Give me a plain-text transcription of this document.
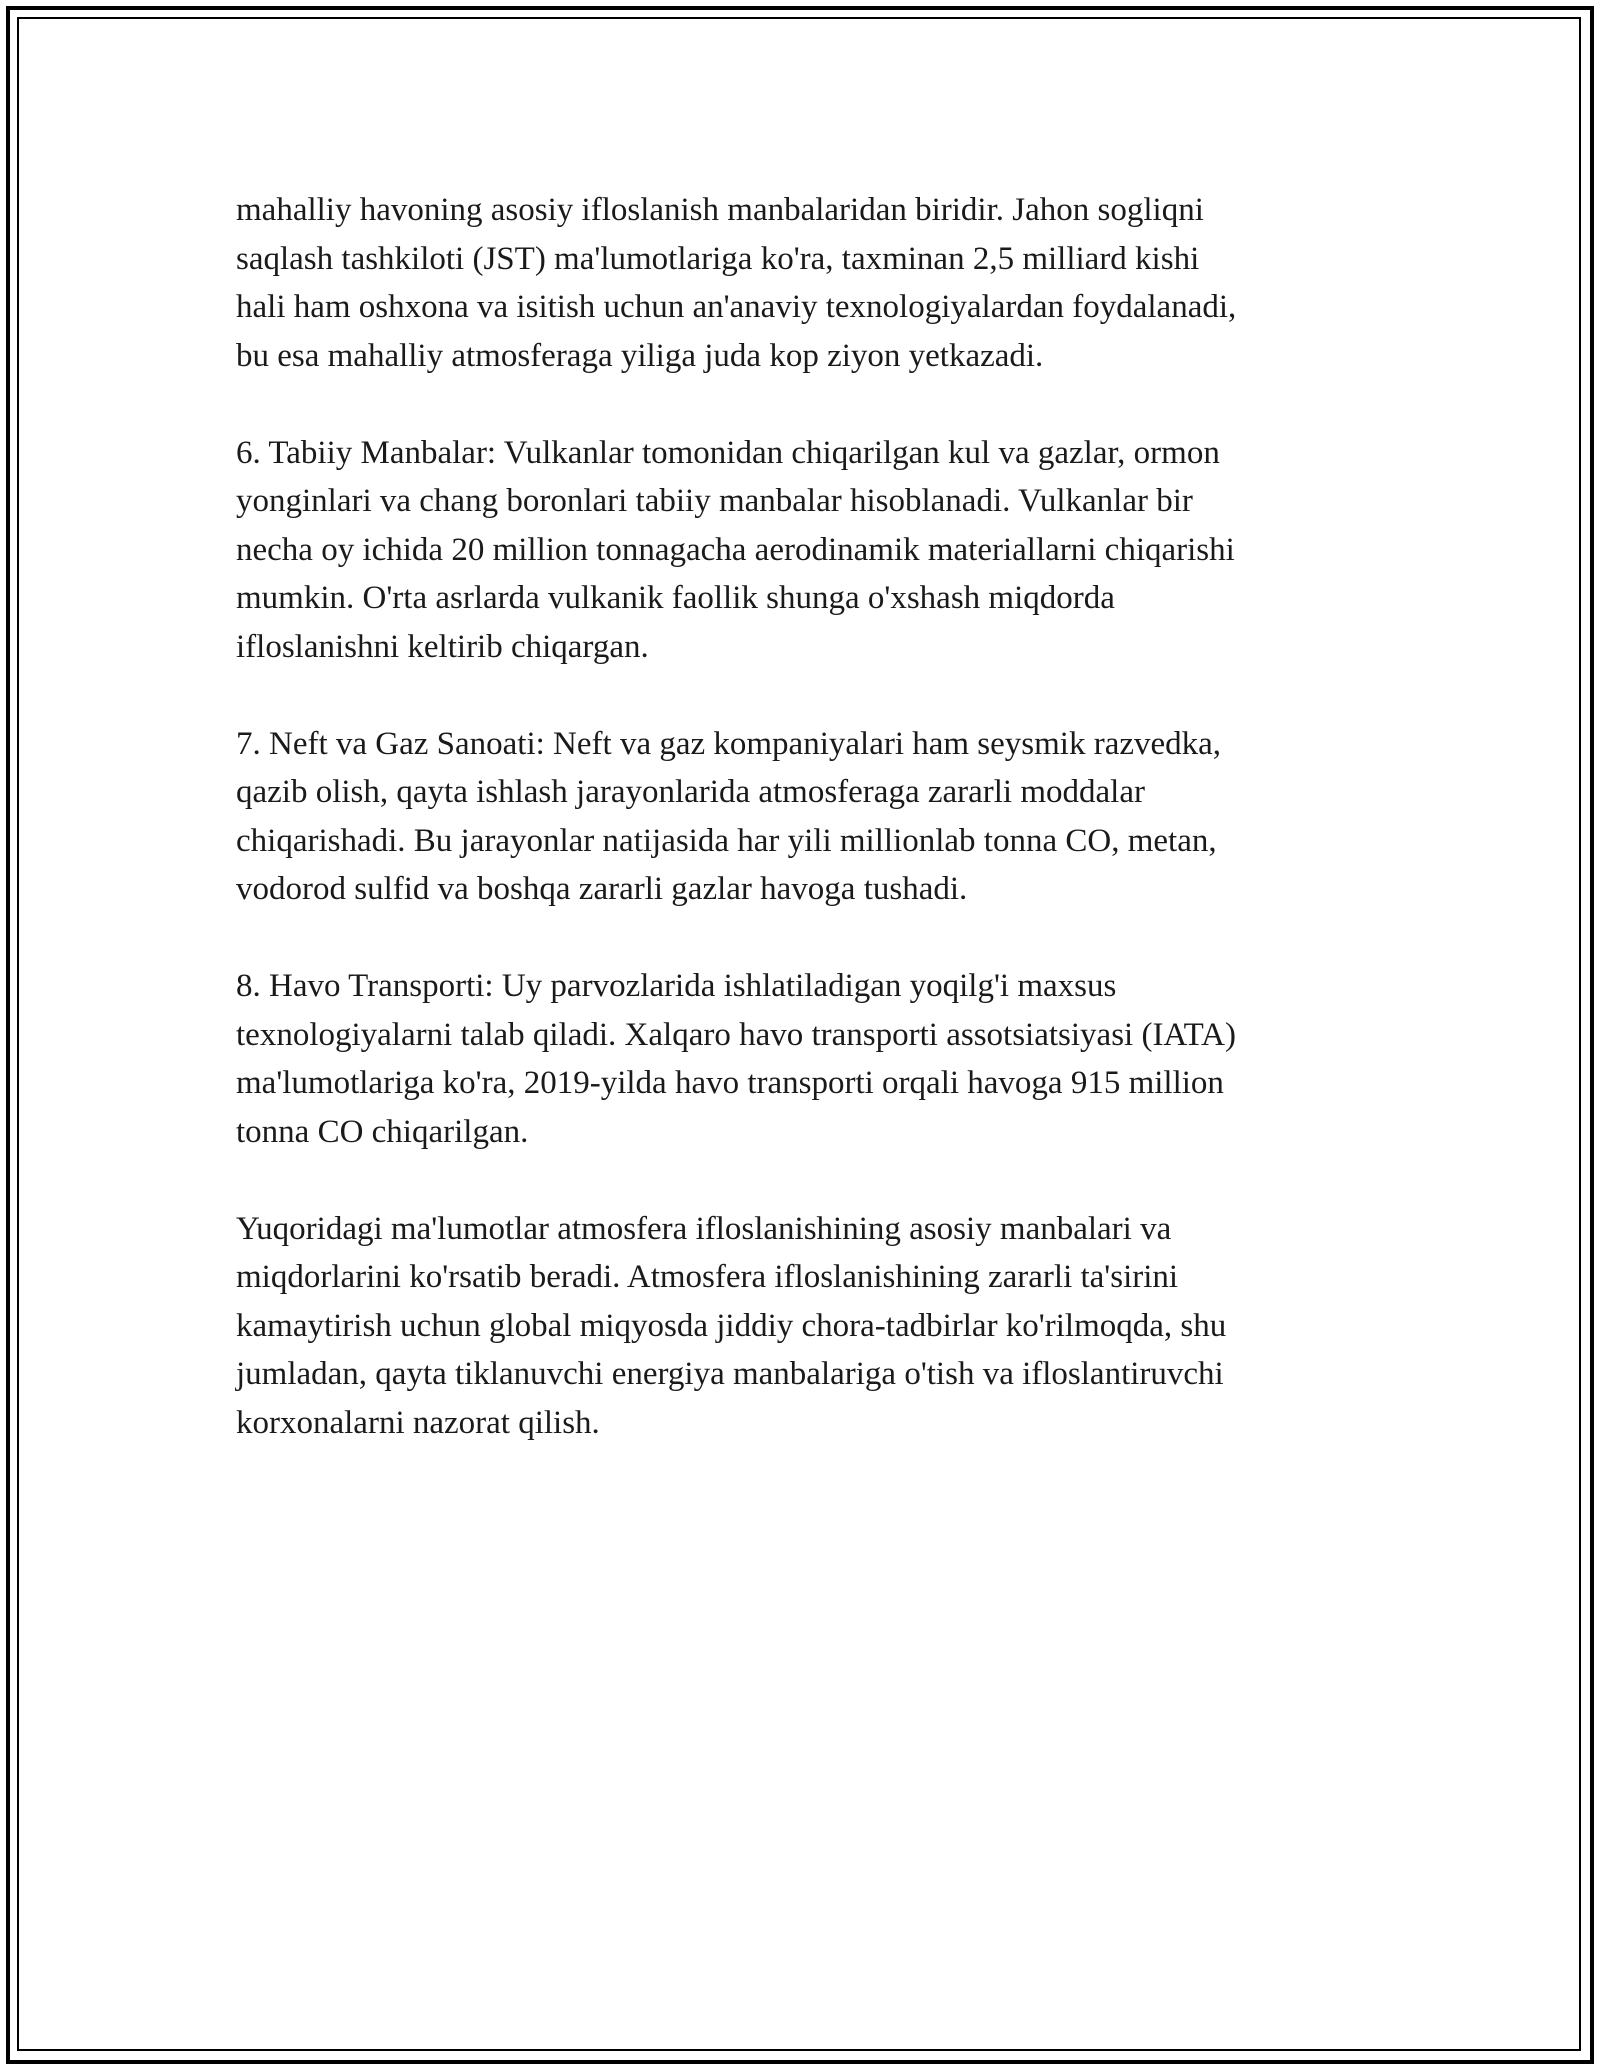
mahalliy havoning asosiy ifloslanish manbalaridan biridir. Jahon sogliqni
saqlash tashkiloti (JST) ma'lumotlariga ko'ra, taxminan 2,5 milliard kishi
hali ham oshxona va isitish uchun an'anaviy texnologiyalardan foydalanadi,
bu esa mahalliy atmosferaga yiliga juda kop ziyon yetkazadi.

6. Tabiiy Manbalar: Vulkanlar tomonidan chiqarilgan kul va gazlar, ormon
yonginlari va chang boronlari tabiiy manbalar hisoblanadi. Vulkanlar bir
necha oy ichida 20 million tonnagacha aerodinamik materiallarni chiqarishi
mumkin. O'rta asrlarda vulkanik faollik shunga o'xshash miqdorda
ifloslanishni keltirib chiqargan.

7. Neft va Gaz Sanoati: Neft va gaz kompaniyalari ham seysmik razvedka,
qazib olish, qayta ishlash jarayonlarida atmosferaga zararli moddalar
chiqarishadi. Bu jarayonlar natijasida har yili millionlab tonna CO, metan,
vodorod sulfid va boshqa zararli gazlar havoga tushadi.

8. Havo Transporti: Uy parvozlarida ishlatiladigan yoqilg'i maxsus
texnologiyalarni talab qiladi. Xalqaro havo transporti assotsiatsiyasi (IATA)
ma'lumotlariga ko'ra, 2019-yilda havo transporti orqali havoga 915 million
tonna CO chiqarilgan.

Yuqoridagi ma'lumotlar atmosfera ifloslanishining asosiy manbalari va
miqdorlarini ko'rsatib beradi. Atmosfera ifloslanishining zararli ta'sirini
kamaytirish uchun global miqyosda jiddiy chora-tadbirlar ko'rilmoqda, shu
jumladan, qayta tiklanuvchi energiya manbalariga o'tish va ifloslantiruvchi
korxonalarni nazorat qilish.
